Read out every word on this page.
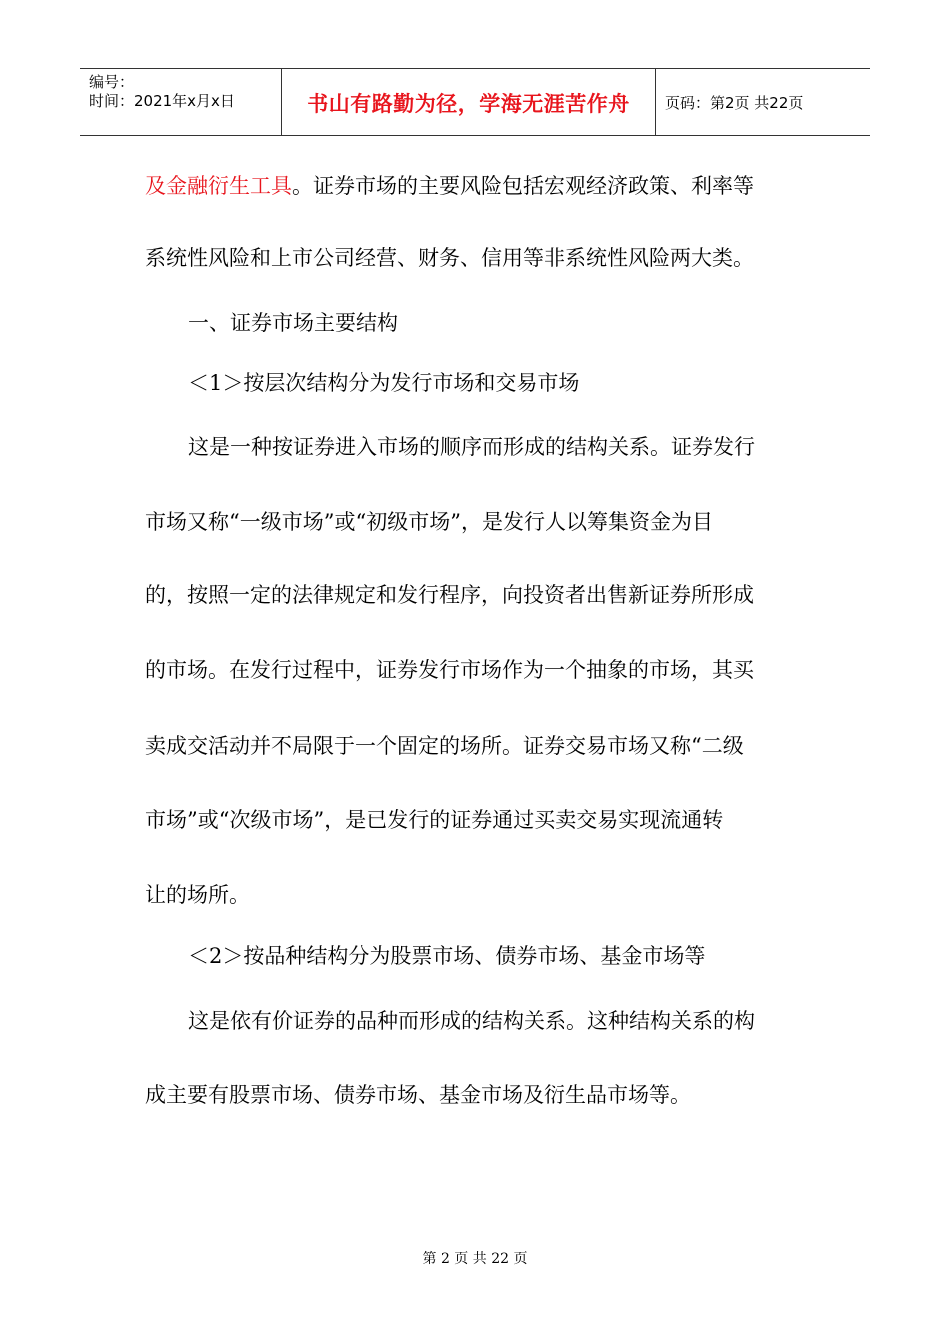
编号：
时间：2021年x月x日	书山有路勤为径，学海无涯苦作舟	页码：第2页 共22页
及金融衍生工具。证券市场的主要风险包括宏观经济政策、利率等
系统性风险和上市公司经营、财务、信用等非系统性风险两大类。
一、证券市场主要结构
＜1＞按层次结构分为发行市场和交易市场
这是一种按证券进入市场的顺序而形成的结构关系。证券发行
市场又称“一级市场”或“初级市场”，是发行人以筹集资金为目
的，按照一定的法律规定和发行程序，向投资者出售新证券所形成
的市场。在发行过程中，证券发行市场作为一个抽象的市场，其买
卖成交活动并不局限于一个固定的场所。证券交易市场又称“二级
市场”或“次级市场”，是已发行的证券通过买卖交易实现流通转
让的场所。
＜2＞按品种结构分为股票市场、债券市场、基金市场等
这是依有价证券的品种而形成的结构关系。这种结构关系的构
成主要有股票市场、债券市场、基金市场及衍生品市场等。
第 2 页 共 22 页
